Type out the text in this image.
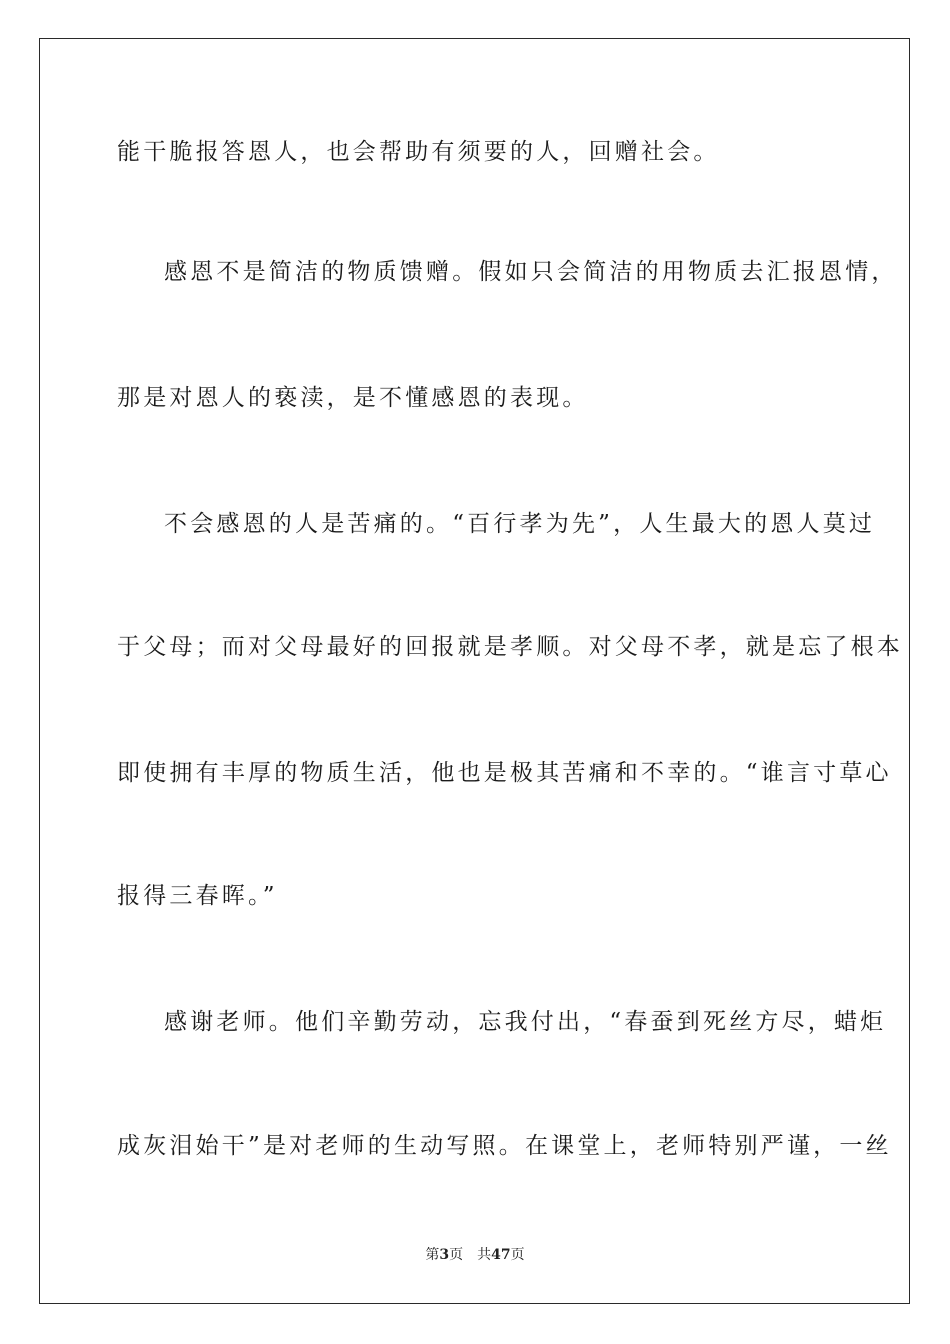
能干脆报答恩人，也会帮助有须要的人，回赠社会。
感恩不是简洁的物质馈赠。假如只会简洁的用物质去汇报恩情，
那是对恩人的亵渎，是不懂感恩的表现。
不会感恩的人是苦痛的。“百行孝为先”，人生最大的恩人莫过
于父母；而对父母最好的回报就是孝顺。对父母不孝，就是忘了根本
即使拥有丰厚的物质生活，他也是极其苦痛和不幸的。“谁言寸草心
报得三春晖。”
感谢老师。他们辛勤劳动，忘我付出，“春蚕到死丝方尽，蜡炬
成灰泪始干”是对老师的生动写照。在课堂上，老师特别严谨，一丝
第3页 共47页
